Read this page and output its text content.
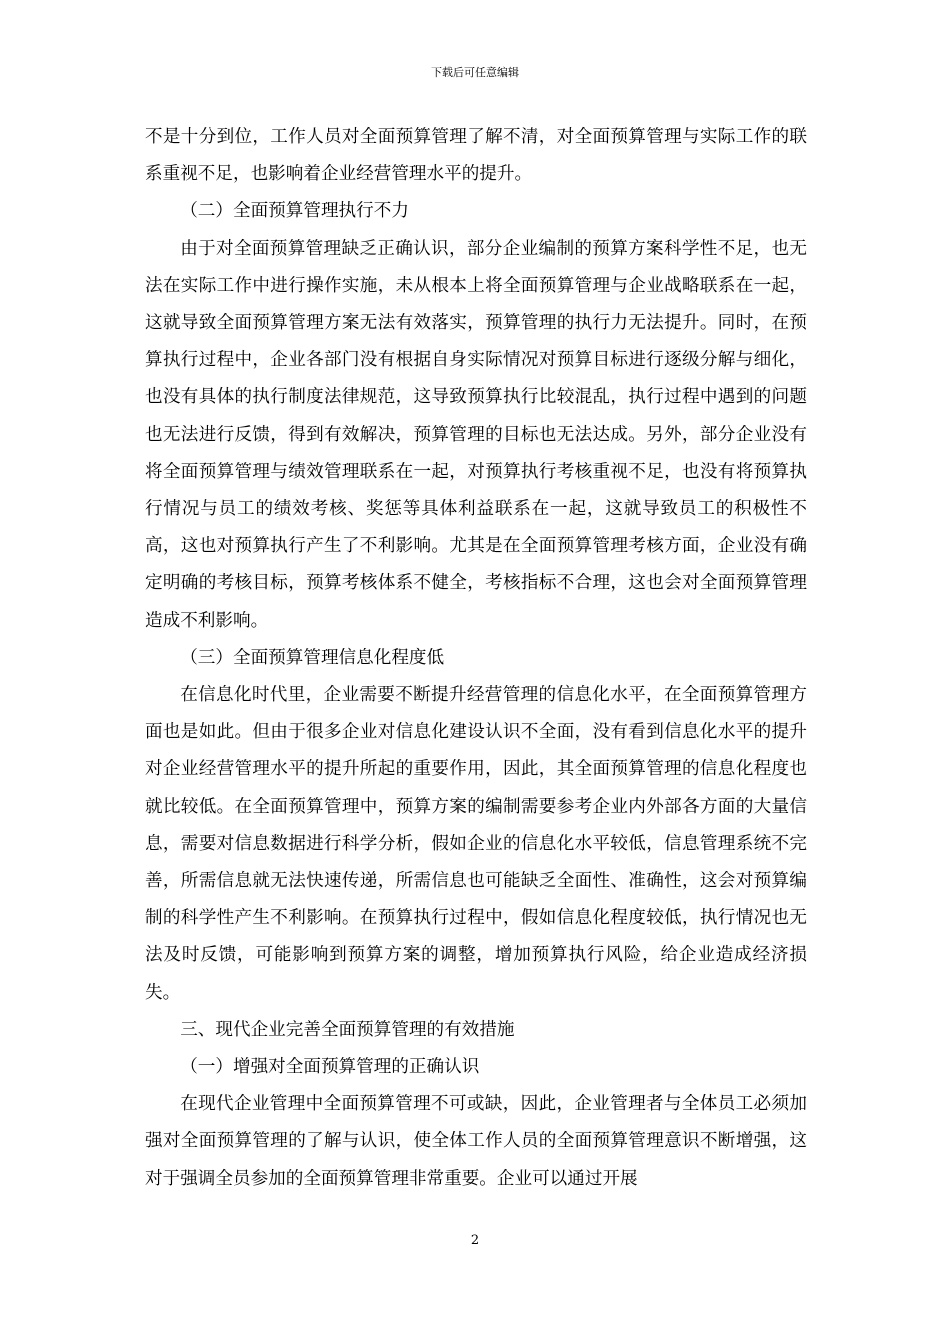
下载后可任意编辑

不是十分到位，工作人员对全面预算管理了解不清，对全面预算管理与实际工作的联系重视不足，也影响着企业经营管理水平的提升。

（二）全面预算管理执行不力

由于对全面预算管理缺乏正确认识，部分企业编制的预算方案科学性不足，也无法在实际工作中进行操作实施，未从根本上将全面预算管理与企业战略联系在一起，这就导致全面预算管理方案无法有效落实，预算管理的执行力无法提升。同时，在预算执行过程中，企业各部门没有根据自身实际情况对预算目标进行逐级分解与细化，也没有具体的执行制度法律规范，这导致预算执行比较混乱，执行过程中遇到的问题也无法进行反馈，得到有效解决，预算管理的目标也无法达成。另外，部分企业没有将全面预算管理与绩效管理联系在一起，对预算执行考核重视不足，也没有将预算执行情况与员工的绩效考核、奖惩等具体利益联系在一起，这就导致员工的积极性不高，这也对预算执行产生了不利影响。尤其是在全面预算管理考核方面，企业没有确定明确的考核目标，预算考核体系不健全，考核指标不合理，这也会对全面预算管理造成不利影响。

（三）全面预算管理信息化程度低

在信息化时代里，企业需要不断提升经营管理的信息化水平，在全面预算管理方面也是如此。但由于很多企业对信息化建设认识不全面，没有看到信息化水平的提升对企业经营管理水平的提升所起的重要作用，因此，其全面预算管理的信息化程度也就比较低。在全面预算管理中，预算方案的编制需要参考企业内外部各方面的大量信息，需要对信息数据进行科学分析，假如企业的信息化水平较低，信息管理系统不完善，所需信息就无法快速传递，所需信息也可能缺乏全面性、准确性，这会对预算编制的科学性产生不利影响。在预算执行过程中，假如信息化程度较低，执行情况也无法及时反馈，可能影响到预算方案的调整，增加预算执行风险，给企业造成经济损失。

三、现代企业完善全面预算管理的有效措施

（一）增强对全面预算管理的正确认识

在现代企业管理中全面预算管理不可或缺，因此，企业管理者与全体员工必须加强对全面预算管理的了解与认识，使全体工作人员的全面预算管理意识不断增强，这对于强调全员参加的全面预算管理非常重要。企业可以通过开展

2
